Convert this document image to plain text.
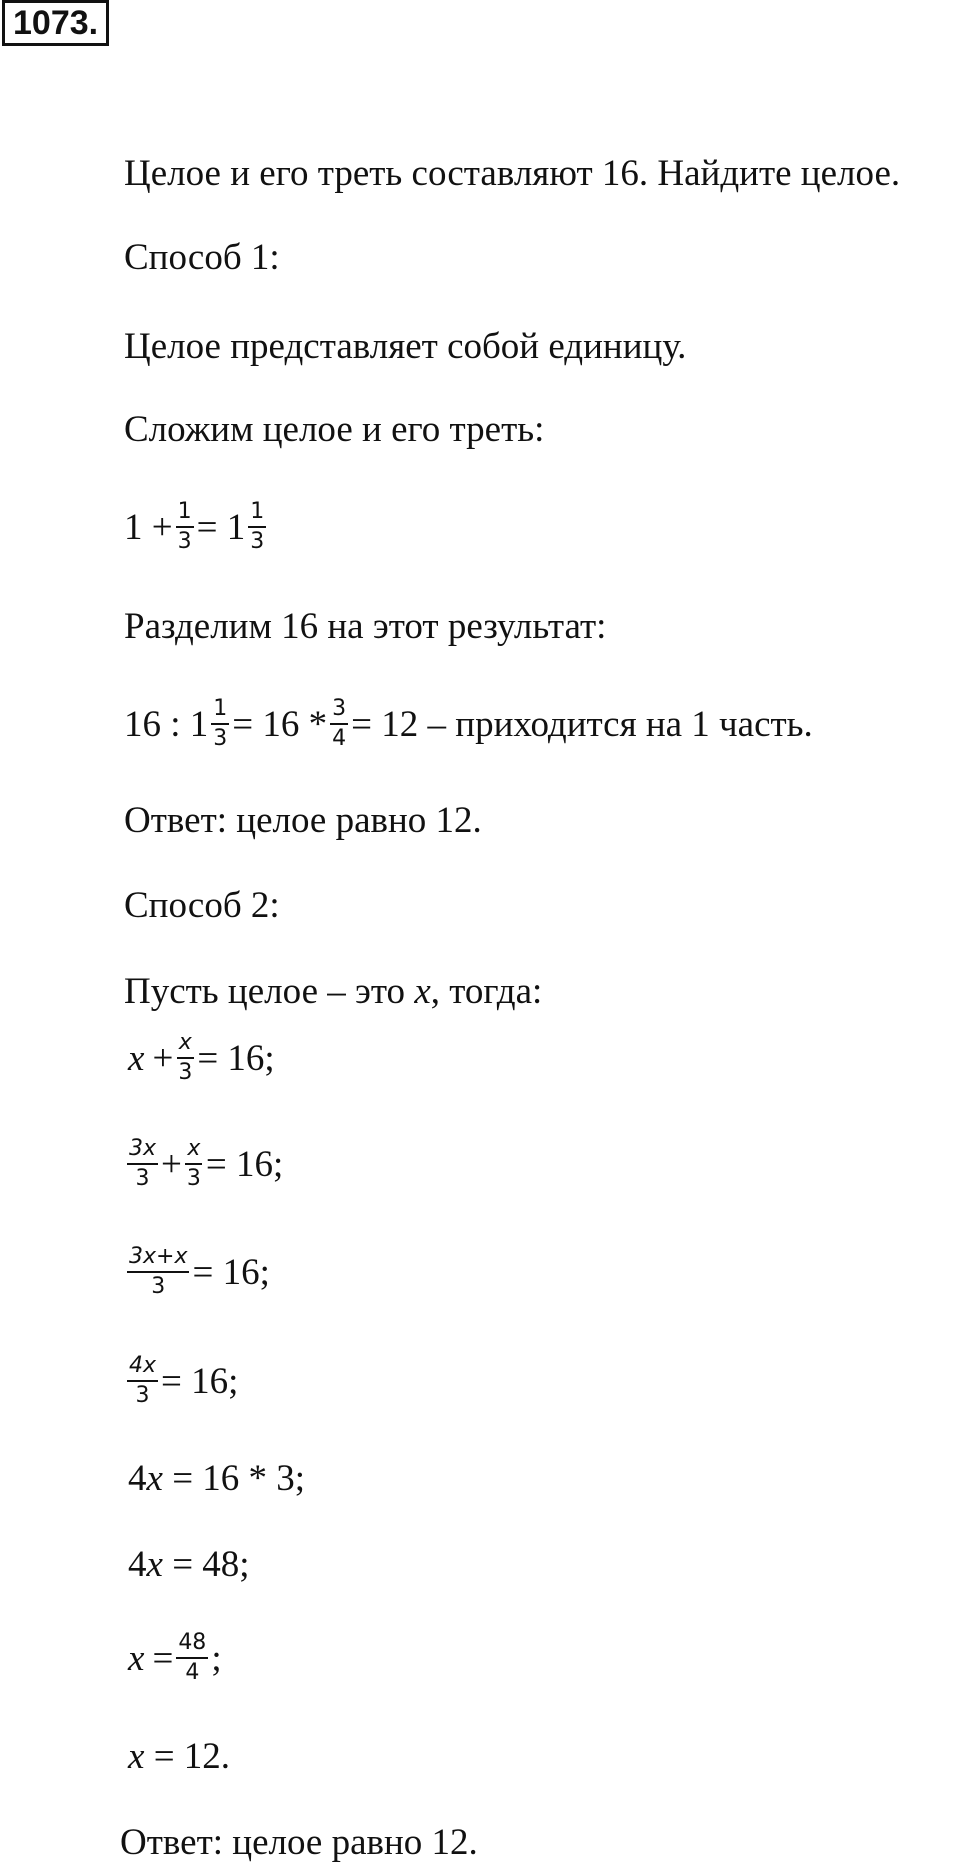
1073.
Целое и его треть составляют 16. Найдите целое.
Способ 1:
Целое представляет собой единицу.
Сложим целое и его треть:
$1 + \frac{1}{3} = 1 \frac{1}{3}$
Разделим 16 на этот результат:
16 : $1 \frac{1}{3} = 16 * \frac{3}{4} = 12$ – приходится на 1 часть.
Ответ: целое равно 12.
Способ 2:
Пусть целое – это x, тогда:
$x + \frac{x}{3} = 16$;
$\frac{3x}{3} + \frac{x}{3} = 16$;
$\frac{3x+x}{3} = 16$;
$\frac{4x}{3} = 16$;
4x = 16 * 3;
4x = 48;
$x = \frac{48}{4}$ ;
x = 12.
Ответ: целое равно 12.
